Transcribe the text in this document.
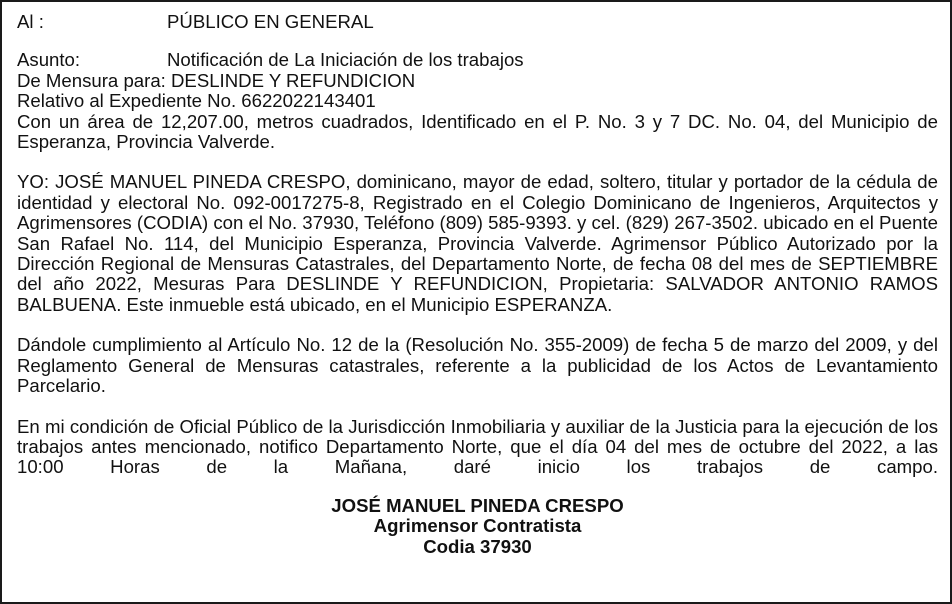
Al :	PÚBLICO EN GENERAL
Asunto:	Notificación de La Iniciación de los trabajos

De Mensura para: DESLINDE Y REFUNDICION

Relativo al Expediente No. 6622022143401

Con un área de 12,207.00, metros cuadrados, Identificado en el P. No. 3 y 7 DC. No. 04, del Municipio de Esperanza, Provincia Valverde.

YO: JOSÉ MANUEL PINEDA CRESPO, dominicano, mayor de edad, soltero, titular y portador de la cédula de identidad y electoral No. 092-0017275-8, Registrado en el Colegio Dominicano de Ingenieros, Arquitectos y Agrimensores (CODIA) con el No. 37930, Teléfono (809) 585-9393. y cel. (829) 267-3502. ubicado en el Puente San Rafael No. 114, del Municipio Esperanza, Provincia Valverde. Agrimensor Público Autorizado por la Dirección Regional de Mensuras Catastrales, del Departamento Norte, de fecha 08 del mes de SEPTIEMBRE del año 2022, Mesuras Para DESLINDE Y REFUNDICION, Propietaria: SALVADOR ANTONIO RAMOS BALBUENA. Este inmueble está ubicado, en el Municipio ESPERANZA.

Dándole cumplimiento al Artículo No. 12 de la (Resolución No. 355-2009) de fecha 5 de marzo del 2009, y del Reglamento General de Mensuras catastrales, referente a la publicidad de los Actos de Levantamiento Parcelario.

En mi condición de Oficial Público de la Jurisdicción Inmobiliaria y auxiliar de la Justicia para la ejecución de los trabajos antes mencionado, notifico Departamento Norte, que el día 04 del mes de octubre del 2022, a las 10:00 Horas de la Mañana, daré inicio los trabajos de campo.

JOSÉ MANUEL PINEDA CRESPO
Agrimensor Contratista
Codia 37930
